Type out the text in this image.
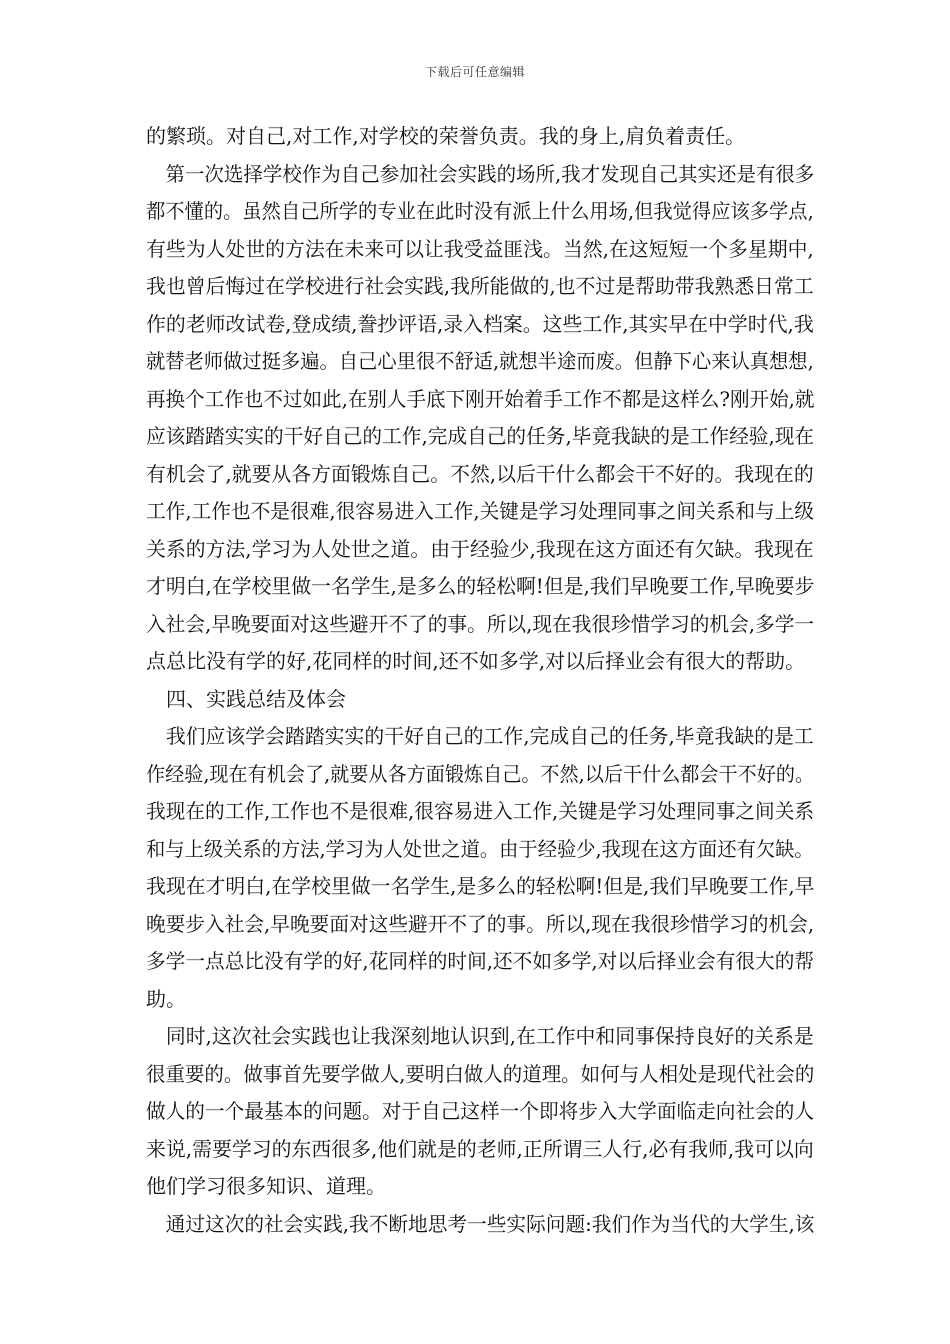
下载后可任意编辑
的繁琐。对自己,对工作,对学校的荣誉负责。我的身上,肩负着责任。
　第一次选择学校作为自己参加社会实践的场所,我才发现自己其实还是有很多
都不懂的。虽然自己所学的专业在此时没有派上什么用场,但我觉得应该多学点,
有些为人处世的方法在未来可以让我受益匪浅。当然,在这短短一个多星期中,
我也曾后悔过在学校进行社会实践,我所能做的,也不过是帮助带我熟悉日常工
作的老师改试卷,登成绩,誊抄评语,录入档案。这些工作,其实早在中学时代,我
就替老师做过挺多遍。自己心里很不舒适,就想半途而废。但静下心来认真想想,
再换个工作也不过如此,在别人手底下刚开始着手工作不都是这样么?刚开始,就
应该踏踏实实的干好自己的工作,完成自己的任务,毕竟我缺的是工作经验,现在
有机会了,就要从各方面锻炼自己。不然,以后干什么都会干不好的。我现在的
工作,工作也不是很难,很容易进入工作,关键是学习处理同事之间关系和与上级
关系的方法,学习为人处世之道。由于经验少,我现在这方面还有欠缺。我现在
才明白,在学校里做一名学生,是多么的轻松啊!但是,我们早晚要工作,早晚要步
入社会,早晚要面对这些避开不了的事。所以,现在我很珍惜学习的机会,多学一
点总比没有学的好,花同样的时间,还不如多学,对以后择业会有很大的帮助。
　四、实践总结及体会
　我们应该学会踏踏实实的干好自己的工作,完成自己的任务,毕竟我缺的是工
作经验,现在有机会了,就要从各方面锻炼自己。不然,以后干什么都会干不好的。
我现在的工作,工作也不是很难,很容易进入工作,关键是学习处理同事之间关系
和与上级关系的方法,学习为人处世之道。由于经验少,我现在这方面还有欠缺。
我现在才明白,在学校里做一名学生,是多么的轻松啊!但是,我们早晚要工作,早
晚要步入社会,早晚要面对这些避开不了的事。所以,现在我很珍惜学习的机会,
多学一点总比没有学的好,花同样的时间,还不如多学,对以后择业会有很大的帮
助。
　同时,这次社会实践也让我深刻地认识到,在工作中和同事保持良好的关系是
很重要的。做事首先要学做人,要明白做人的道理。如何与人相处是现代社会的
做人的一个最基本的问题。对于自己这样一个即将步入大学面临走向社会的人
来说,需要学习的东西很多,他们就是的老师,正所谓三人行,必有我师,我可以向
他们学习很多知识、道理。
　通过这次的社会实践,我不断地思考一些实际问题:我们作为当代的大学生,该
